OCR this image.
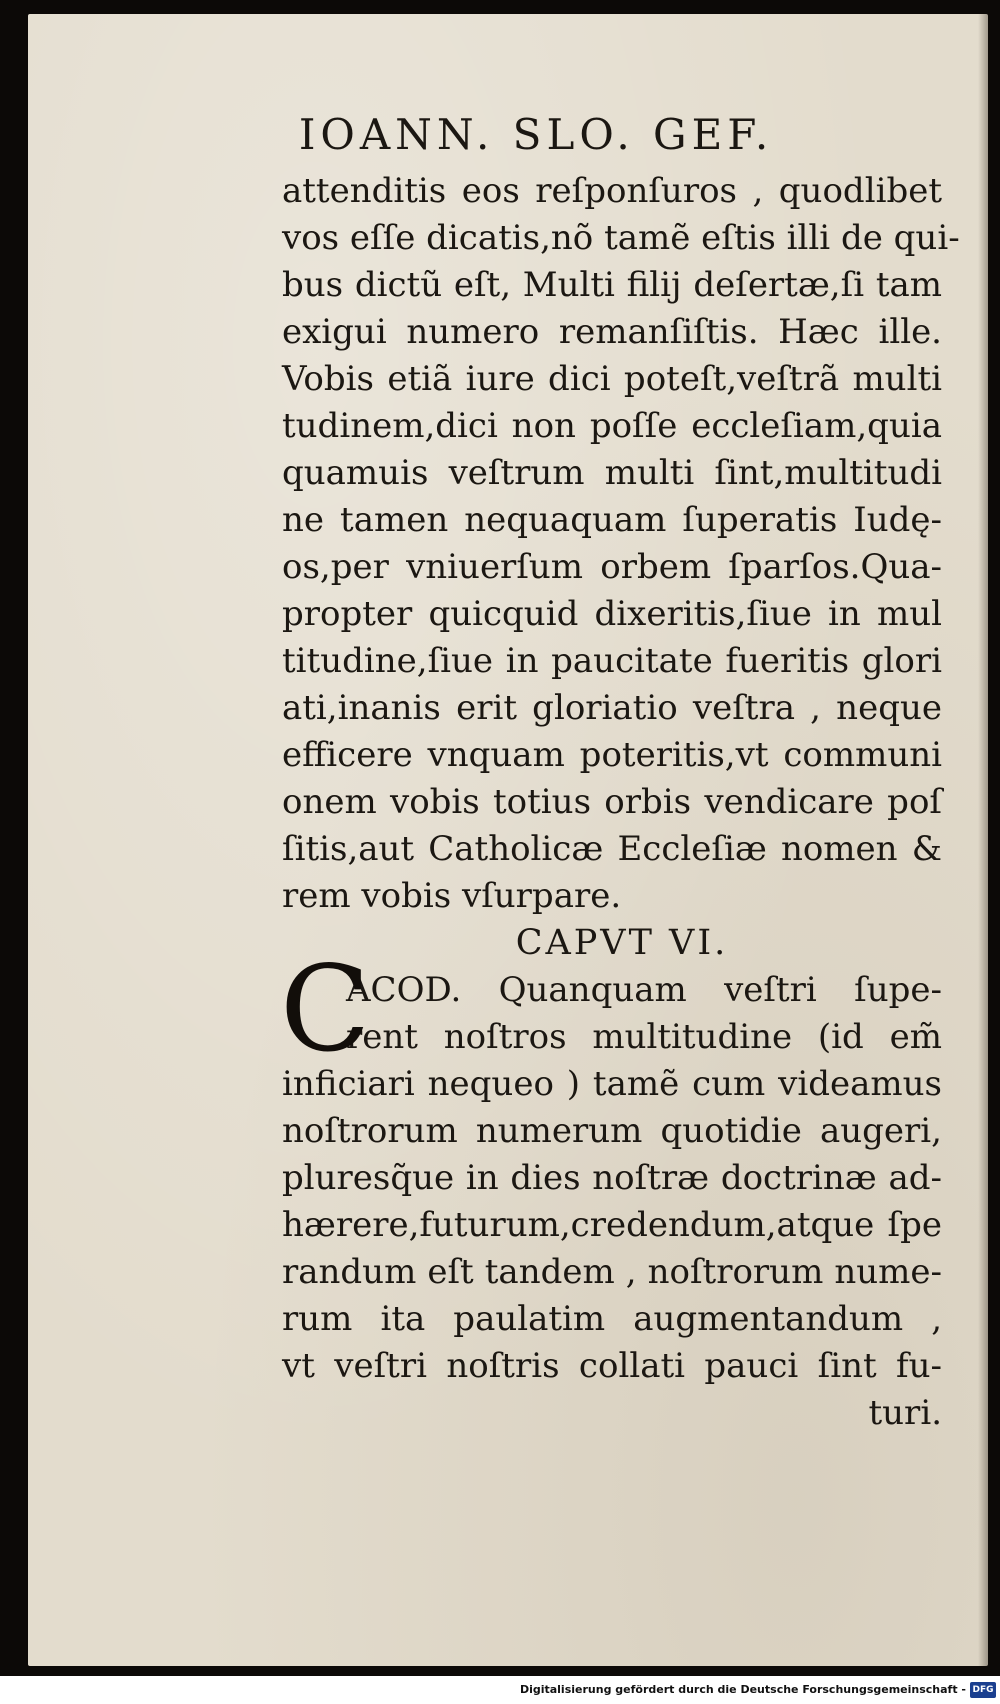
IOANN. SLO. GEF.
attenditis eos reſponſuros , quodlibet
vos eſſe dicatis,nõ tamẽ eſtis illi de qui-
bus dictũ eſt, Multi filij deſertæ,ſi tam
exigui numero remanſiſtis. Hæc ille.
Vobis etiã iure dici poteſt,veſtrã multi
tudinem,dici non poſſe eccleſiam,quia
quamuis veſtrum multi ſint,multitudi
ne tamen nequaquam ſuperatis Iudę-
os,per vniuerſum orbem ſparſos.Qua-
propter quicquid dixeritis,ſiue in mul
titudine,ſiue in paucitate fueritis glori
ati,inanis erit gloriatio veſtra , neque
efficere vnquam poteritis,vt communi
onem vobis totius orbis vendicare poſ
ſitis,aut Catholicæ Eccleſiæ nomen &
rem vobis vſurpare.
CAPVT VI.
C
ACOD. Quanquam veſtri ſupe-
rent noſtros multitudine (id em̃
inficiari nequeo ) tamẽ cum videamus
noſtrorum numerum quotidie augeri,
pluresq̃ue in dies noſtræ doctrinæ ad-
hærere,futurum,credendum,atque ſpe
randum eſt tandem , noſtrorum nume-
rum ita paulatim augmentandum ,
vt veſtri noſtris collati pauci ſint fu-
turi.
Digitalisierung gefördert durch die Deutsche Forschungsgemeinschaft - DFG
